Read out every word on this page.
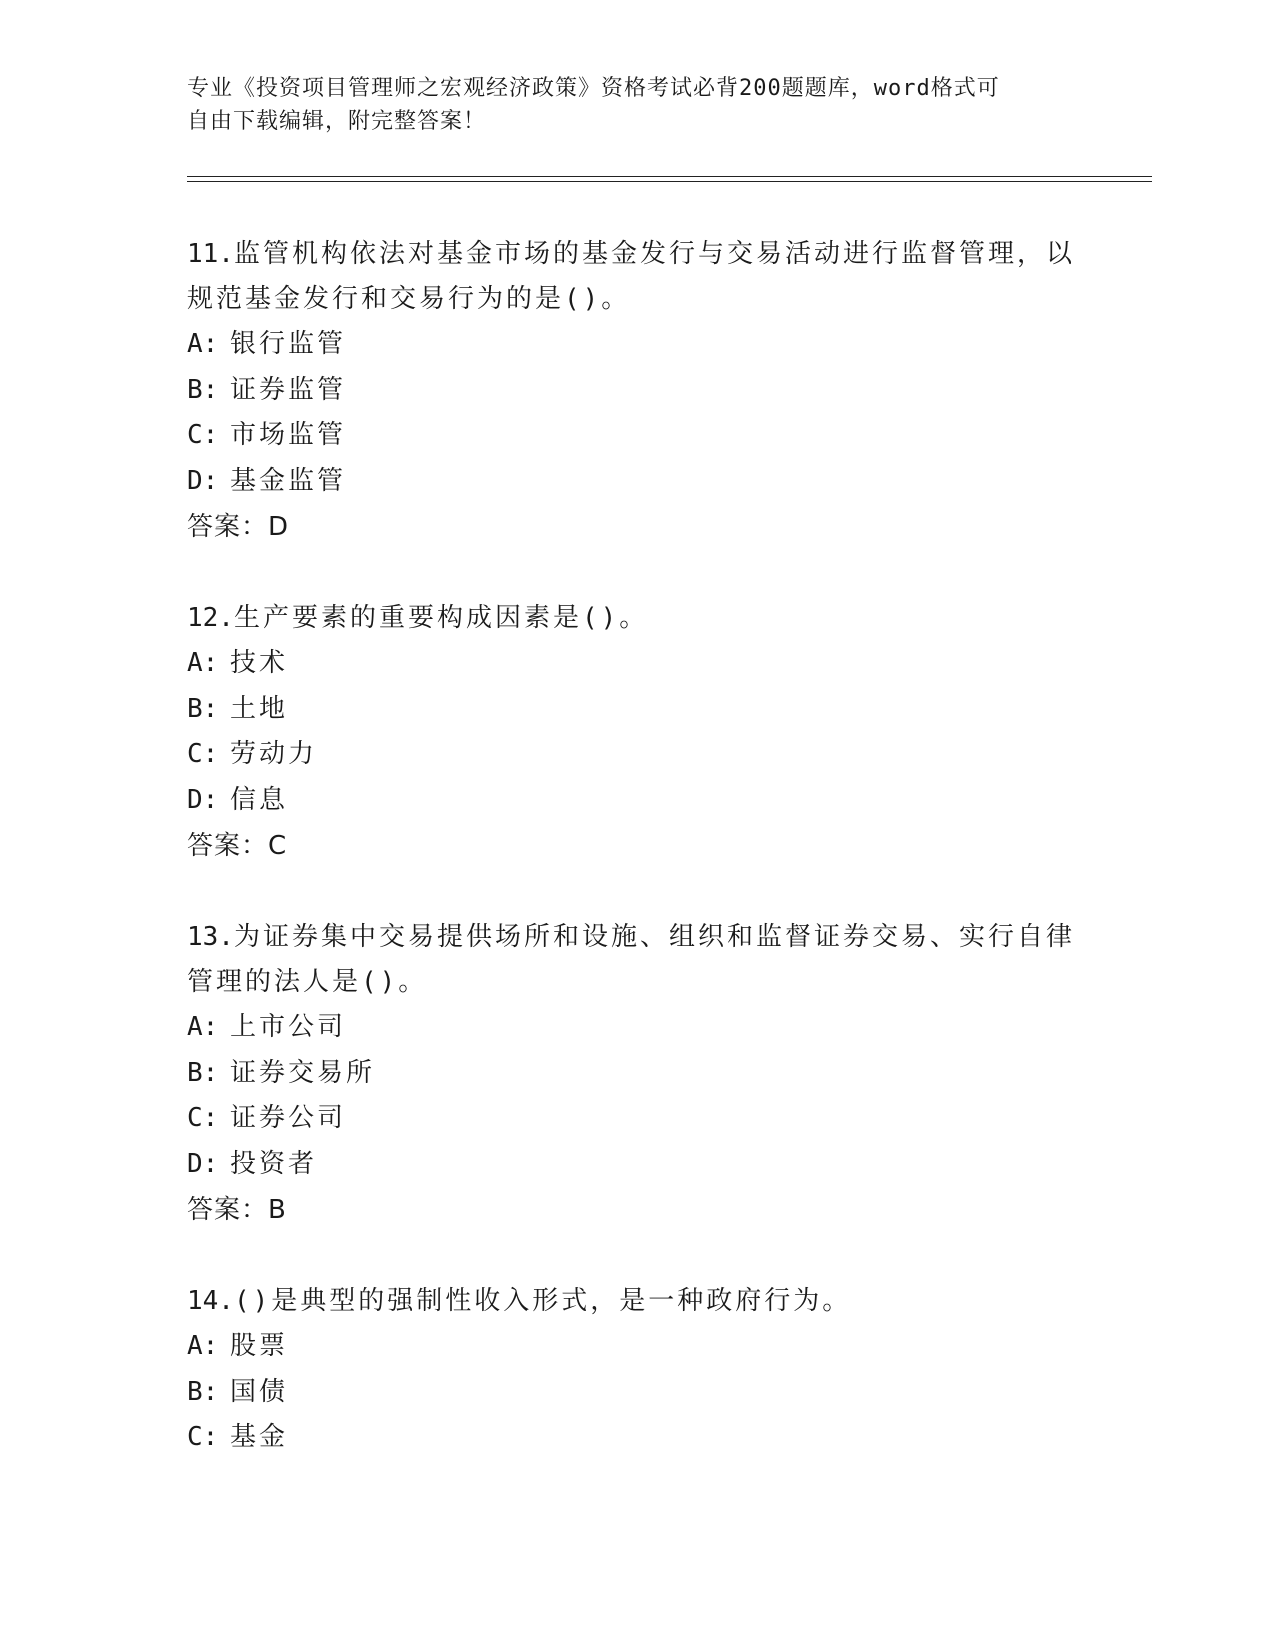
专业《投资项目管理师之宏观经济政策》资格考试必背200题题库，word格式可
自由下载编辑，附完整答案！
11.监管机构依法对基金市场的基金发行与交易活动进行监督管理，以
规范基金发行和交易行为的是()。
A: 银行监管
B: 证券监管
C: 市场监管
D: 基金监管
答案：D
12.生产要素的重要构成因素是()。
A: 技术
B: 土地
C: 劳动力
D: 信息
答案：C
13.为证券集中交易提供场所和设施、组织和监督证券交易、实行自律
管理的法人是()。
A: 上市公司
B: 证券交易所
C: 证券公司
D: 投资者
答案：B
14.()是典型的强制性收入形式，是一种政府行为。
A: 股票
B: 国债
C: 基金
